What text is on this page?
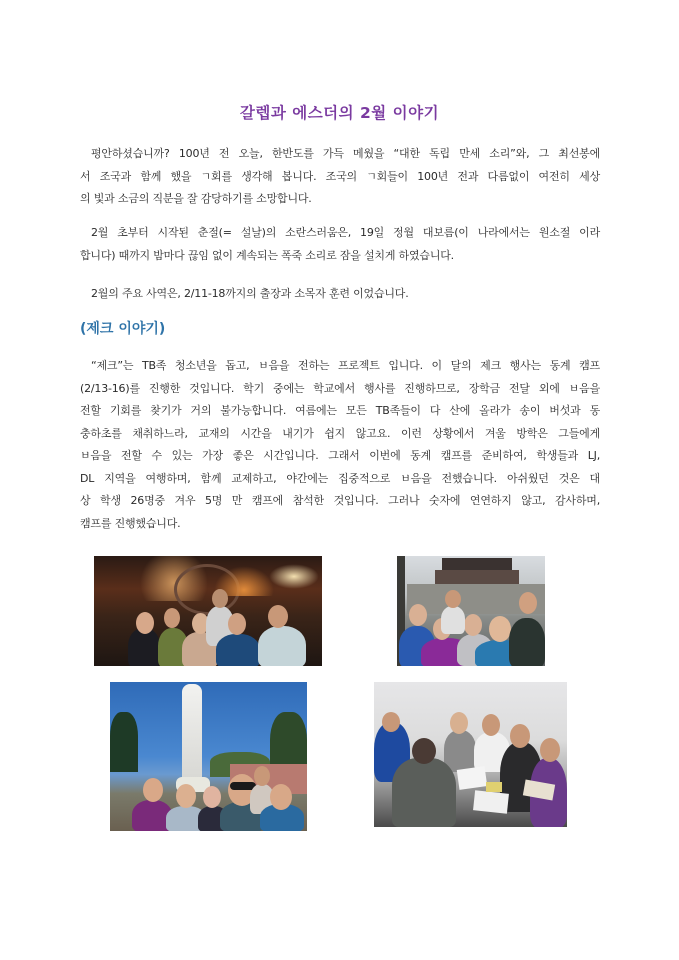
갈렙과 에스더의 2월 이야기
평안하셨습니까? 100년 전 오늘, 한반도를 가득 메웠을 “대한 독립 만세 소리”와, 그 최선봉에
서 조국과 함께 했을 ㄱ회를 생각해 봅니다. 조국의 ㄱ회들이 100년 전과 다름없이 여전히 세상
의 빛과 소금의 직분을 잘 감당하기를 소망합니다.
2월 초부터 시작된 춘절(= 설날)의 소란스러움은, 19일 정월 대보름(이 나라에서는 원소절 이라
합니다) 때까지 밤마다 끊임 없이 계속되는 폭죽 소리로 잠을 설치게 하였습니다.
2월의 주요 사역은, 2/11-18까지의 출장과 소목자 훈련 이었습니다.
(제크 이야기)
“제크”는 TB족 청소년을 돕고, ㅂ음을 전하는 프로젝트 입니다. 이 달의 제크 행사는 동계 캠프
(2/13-16)를 진행한 것입니다. 학기 중에는 학교에서 행사를 진행하므로, 장학금 전달 외에 ㅂ음을
전할 기회를 찾기가 거의 불가능합니다. 여름에는 모든 TB족들이 다 산에 올라가 송이 버섯과 동
충하초를 채취하느라, 교재의 시간을 내기가 쉽지 않고요. 이런 상황에서 겨울 방학은 그들에게
ㅂ음을 전할 수 있는 가장 좋은 시간입니다. 그래서 이번에 동계 캠프를 준비하여, 학생들과 LJ,
DL 지역을 여행하며, 함께 교제하고, 야간에는 집중적으로 ㅂ음을 전했습니다. 아쉬웠던 것은 대
상 학생 26명중 겨우 5명 만 캠프에 참석한 것입니다. 그러나 숫자에 연연하지 않고, 감사하며,
캠프를 진행했습니다.
